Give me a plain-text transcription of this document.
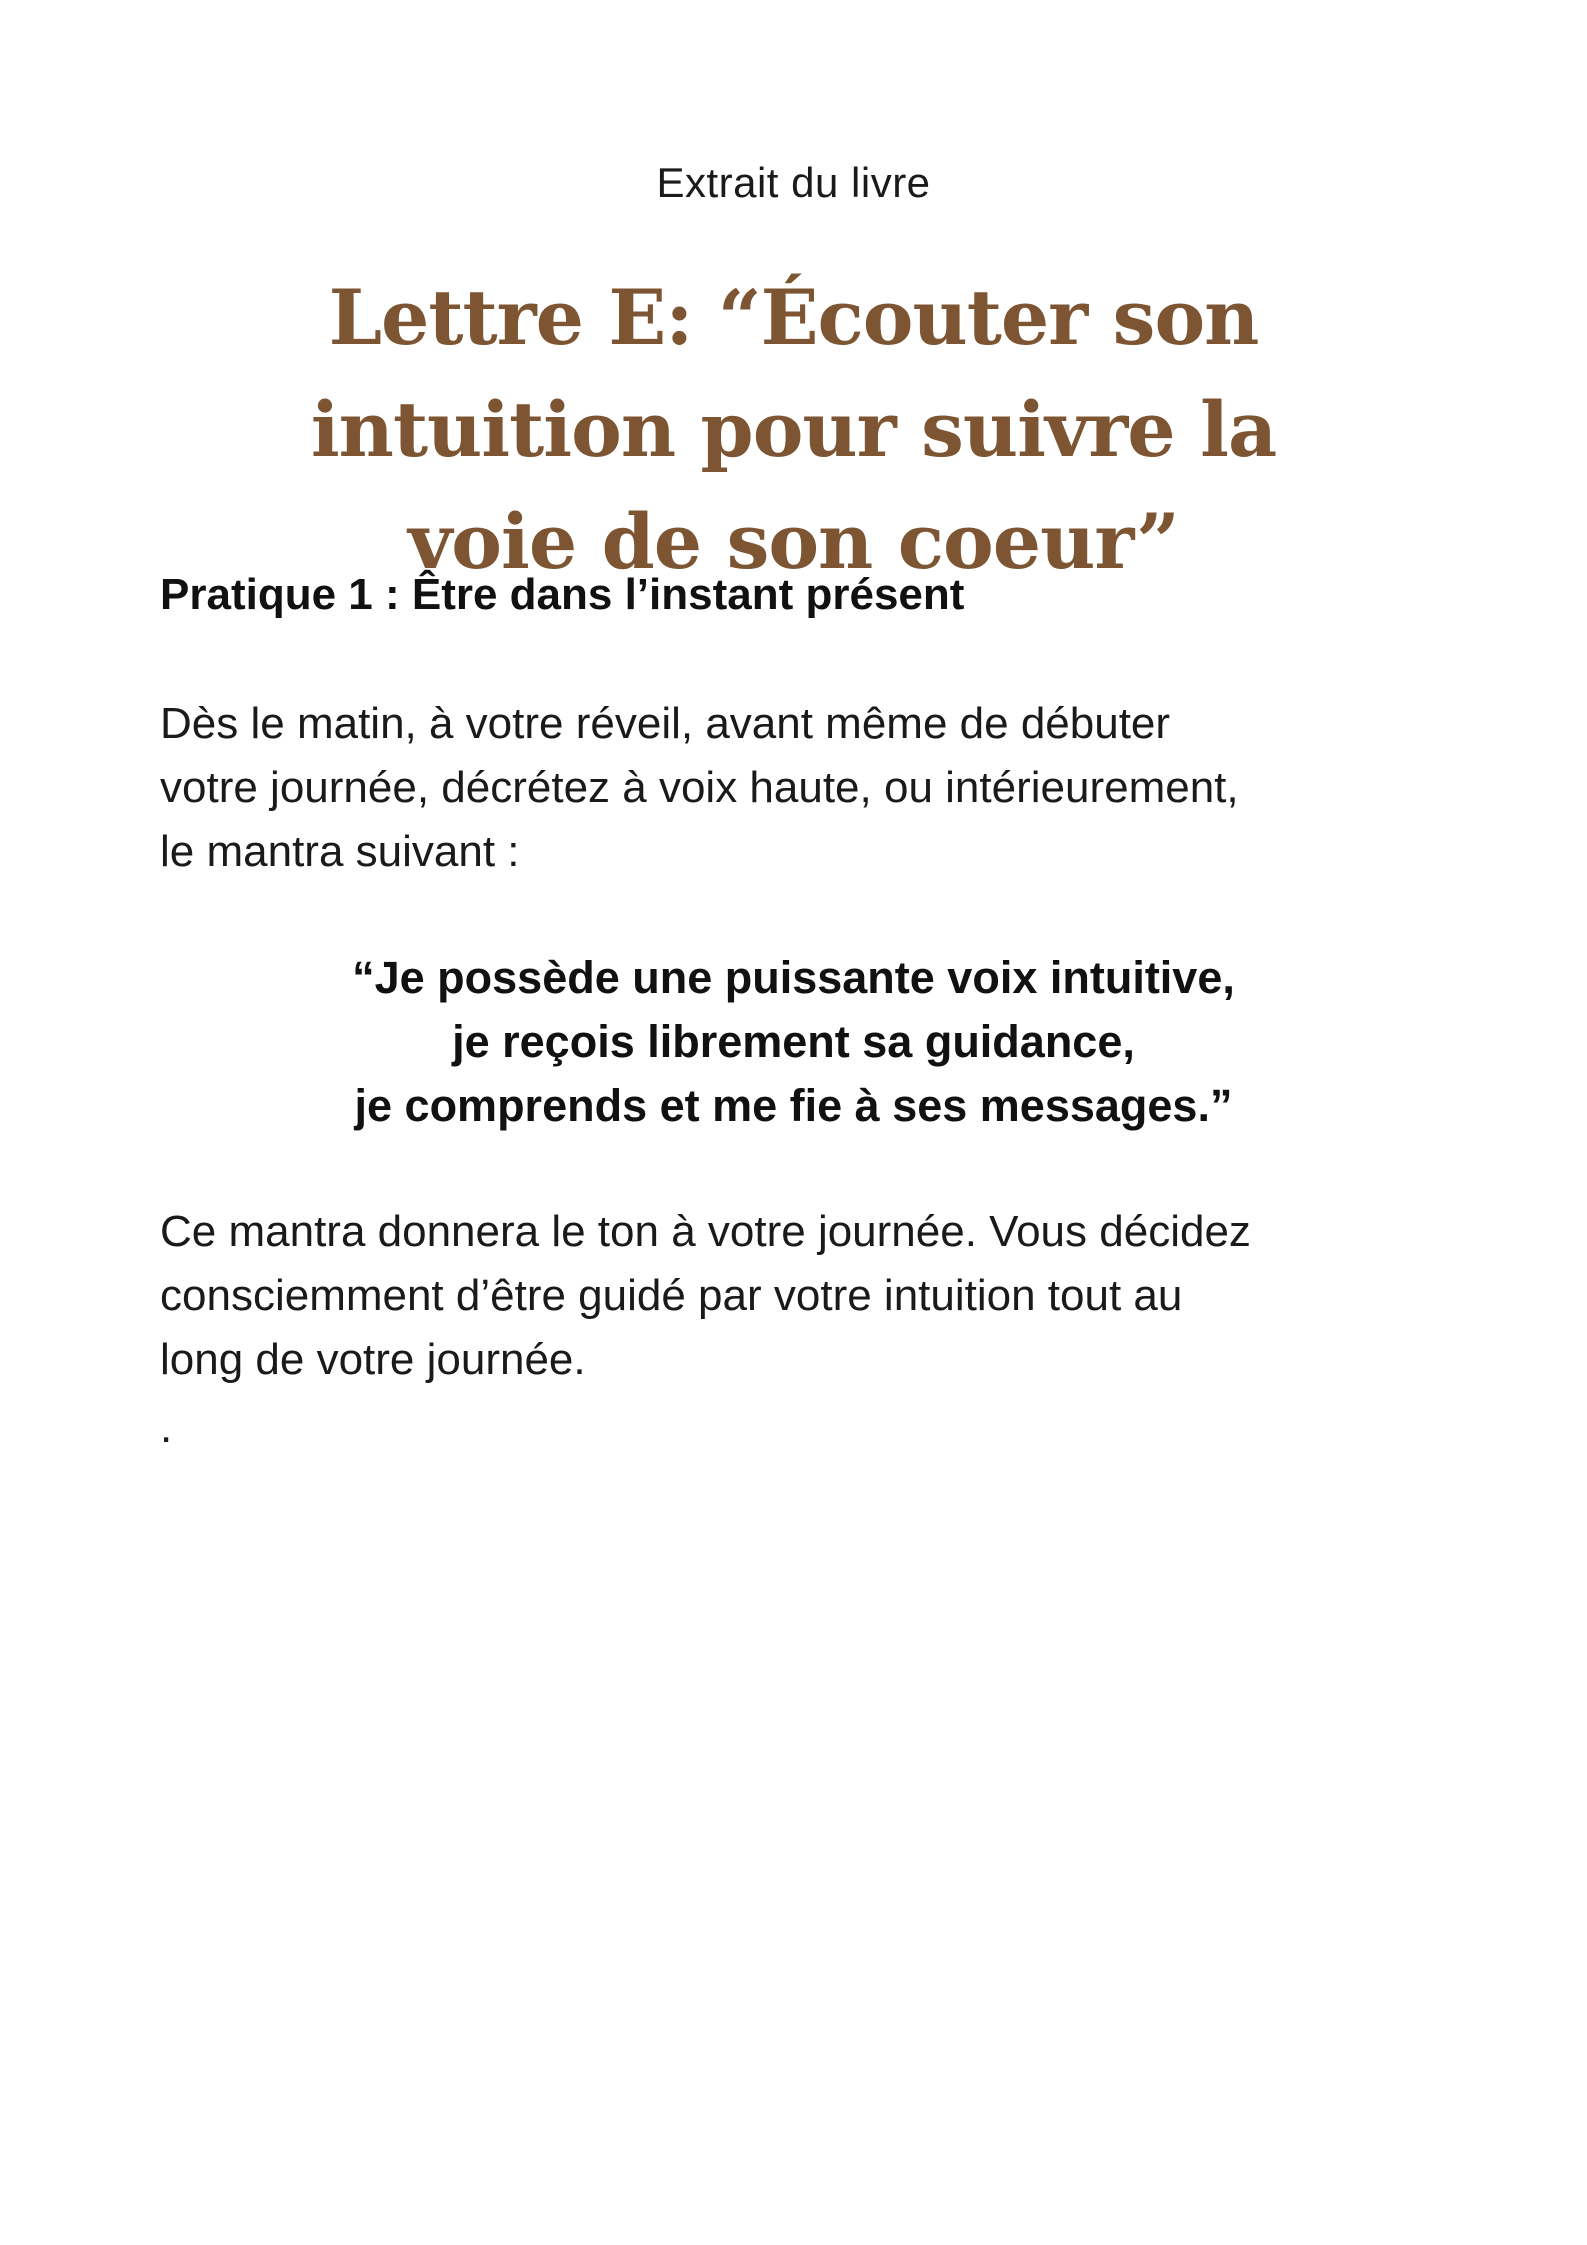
Extrait du livre
Lettre E: “Écouter son intuition pour suivre la
voie de son coeur”
Pratique 1 : Être dans l’instant présent

Dès le matin, à votre réveil, avant même de débuter
votre journée, décrétez à voix haute, ou intérieurement,
le mantra suivant :

“Je possède une puissante voix intuitive,
je reçois librement sa guidance,
je comprends et me fie à ses messages.”

Ce mantra donnera le ton à votre journée. Vous décidez
consciemment d’être guidé par votre intuition tout au
long de votre journée.

.
